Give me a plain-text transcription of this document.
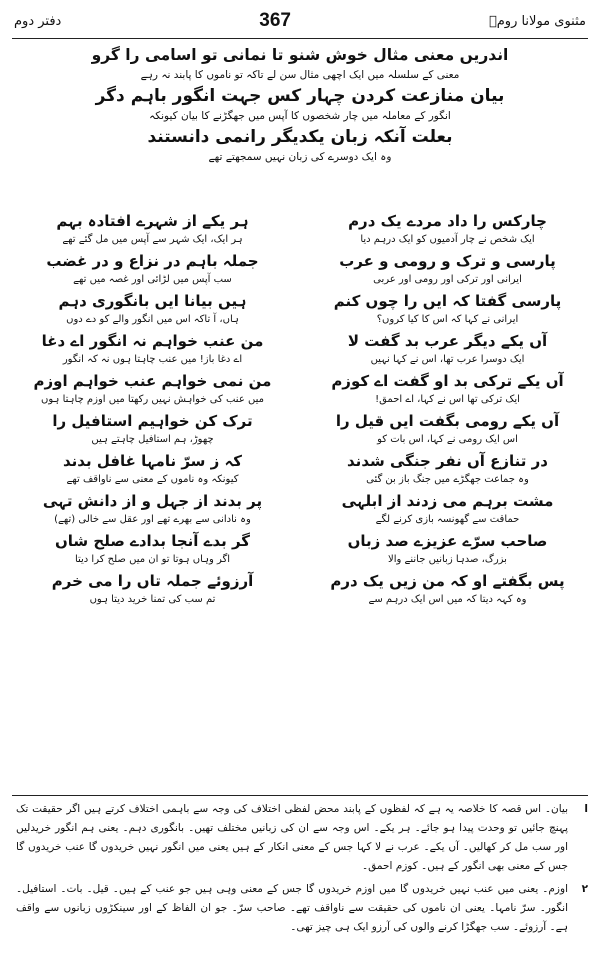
دفتر دوم	367	مثنوی مولانا رومؒ
اندریں معنی مثال خوش شنو تا نمانی تو اسامی را گرو
معنی کے سلسلہ میں ایک اچھی مثال سن لے تاکہ تو ناموں کا پابند نہ رہے
بیان منازعت کردن چہار کس جہت انگور باہم دگر
انگور کے معاملہ میں چار شخصوں کا آپس میں جھگڑنے کا بیان کیونکہ
بعلت آنکہ زبان یکدیگر رانمی دانستند
وہ ایک دوسرے کی زبان نہیں سمجھتے تھے
چارکس را داد مردے یک درم
ایک شخص نے چار آدمیوں کو ایک درہم دیا
ہر یکے از شہرے افتادہ بہم
ہر ایک، ایک شہر سے آپس میں مل گئے تھے
پارسی و ترک و رومی و عرب
ایرانی اور ترکی اور رومی اور عربی
جملہ باہم در نزاع و در غضب
سب آپس میں لڑائی اور غصہ میں تھے
پارسی گفتا کہ ایں را چوں کنم
ایرانی نے کہا کہ اس کا کیا کروں؟
ہیں بیانا ایں بانگوری دہم
ہاں، آ تاکہ اس میں انگور والے کو دے دوں
آں یکے دیگر عرب بد گفت لا
ایک دوسرا عرب تھا، اس نے کہا نہیں
من عنب خواہم نہ انگور اے دغا
اے دغا باز! میں عنب چاہتا ہوں نہ کہ انگور
آں یکے ترکی بد او گفت اے کوزم
ایک ترکی تھا اس نے کہا، اے احمق!
من نمی خواہم عنب خواہم اوزم
میں عنب کی خواہش نہیں رکھتا میں اوزم چاہتا ہوں
آں یکے رومی بگفت ایں قیل را
اس ایک رومی نے کہا، اس بات کو
ترک کن خواہیم استافیل را
چھوڑ، ہم استافیل چاہتے ہیں
در تنازع آں نفر جنگی شدند
وہ جماعت جھگڑے میں جنگ باز بن گئی
کہ ز سرّ نامہا غافل بدند
کیونکہ وہ ناموں کے معنی سے ناواقف تھے
مشت برہم می زدند از ابلہی
حماقت سے گھونسہ بازی کرنے لگے
پر بدند از جہل و از دانش تہی
وہ نادانی سے بھرے تھے اور عقل سے خالی (تھے)
صاحب سرّے عزیزے صد زباں
بزرگ، صدہا زبانیں جاننے والا
گر بدے آنجا بدادے صلح شاں
اگر وہاں ہوتا تو ان میں صلح کرا دیتا
پس بگفتے او کہ من زیں یک درم
وہ کہہ دیتا کہ میں اس ایک درہم سے
آرزوئے جملہ تاں را می خرم
تم سب کی تمنا خرید دیتا ہوں
ا
بیان۔ اس قصہ کا خلاصہ یہ ہے کہ لفظوں کے پابند محض لفظی اختلاف کی وجہ سے باہمی اختلاف کرتے ہیں اگر حقیقت تک پہنچ جائیں تو وحدت پیدا ہو جائے۔ ہر یکے۔ اس وجہ سے ان کی زبانیں مختلف تھیں۔ بانگوری دہم۔ یعنی ہم انگور خریدلیں اور سب مل کر کھالیں۔ آں یکے۔ عرب نے لا کہا جس کے معنی انکار کے ہیں یعنی میں انگور نہیں خریدوں گا عنب خریدوں گا جس کے معنی بھی انگور کے ہیں۔ کوزم احمق۔
۲
اوزم۔ یعنی میں عنب نہیں خریدوں گا میں اوزم خریدوں گا جس کے معنی وہی ہیں جو عنب کے ہیں۔ قیل۔ بات۔ استافیل۔ انگور۔ سرّ نامہا۔ یعنی ان ناموں کی حقیقت سے ناواقف تھے۔ صاحب سرّ۔ جو ان الفاظ کے اور سینکڑوں زبانوں سے واقف ہے۔ آرزوئے۔ سب جھگڑا کرنے والوں کی آرزو ایک ہی چیز تھی۔
